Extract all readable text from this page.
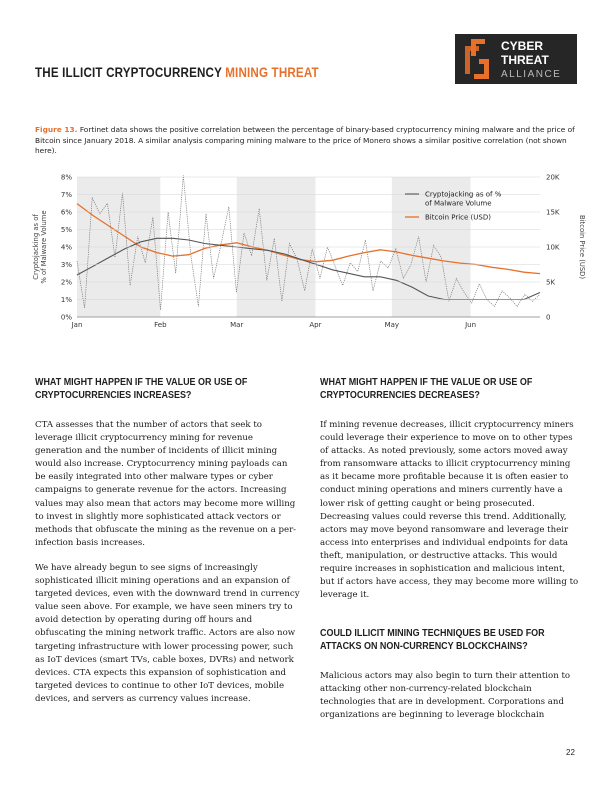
THE ILLICIT CRYPTOCURRENCY MINING THREAT
CYBER
THREAT
ALLIANCE
Figure 13. Fortinet data shows the positive correlation between the percentage of binary-based cryptocurrency mining malware and the price of Bitcoin since January 2018. A similar analysis comparing mining malware to the price of Monero shows a similar positive correlation (not shown here).
0%
1%
2%
3%
4%
5%
6%
7%
8%
0
5K
10K
15K
20K
Jan	Feb	Mar	Apr	May	Jun
Cryptojacking as of% of Malware Volume	Bitcoin Price (USD)
Cryptojacking as of % of Malware Volume
Bitcoin Price (USD)
WHAT MIGHT HAPPEN IF THE VALUE OR USE OF CRYPTOCURRENCIES INCREASES?

CTA assesses that the number of actors that seek to leverage illicit cryptocurrency mining for revenue generation and the number of incidents of illicit mining would also increase. Cryptocurrency mining payloads can be easily integrated into other malware types or cyber campaigns to generate revenue for the actors. Increasing values may also mean that actors may become more willing to invest in slightly more sophisticated attack vectors or methods that obfuscate the mining as the revenue on a per-infection basis increases.

We have already begun to see signs of increasingly sophisticated illicit mining operations and an expansion of targeted devices, even with the downward trend in currency value seen above. For example, we have seen miners try to avoid detection by operating during off hours and obfuscating the mining network traffic. Actors are also now targeting infrastructure with lower processing power, such as IoT devices (smart TVs, cable boxes, DVRs) and network devices. CTA expects this expansion of sophistication and targeted devices to continue to other IoT devices, mobile devices, and servers as currency values increase.

WHAT MIGHT HAPPEN IF THE VALUE OR USE OF CRYPTOCURRENCIES DECREASES?
If mining revenue decreases, illicit cryptocurrency miners could leverage their experience to move on to other types of attacks. As noted previously, some actors moved away from ransomware attacks to illicit cryptocurrency mining as it became more profitable because it is often easier to conduct mining operations and miners currently have a lower risk of getting caught or being prosecuted. Decreasing values could reverse this trend. Additionally, actors may move beyond ransomware and leverage their access into enterprises and individual endpoints for data theft, manipulation, or destructive attacks. This would require increases in sophistication and malicious intent, but if actors have access, they may become more willing to leverage it.
COULD ILLICIT MINING TECHNIQUES BE USED FOR ATTACKS ON NON-CURRENCY BLOCKCHAINS?
Malicious actors may also begin to turn their attention to attacking other non-currency-related blockchain technologies that are in development. Corporations and organizations are beginning to leverage blockchain
22
